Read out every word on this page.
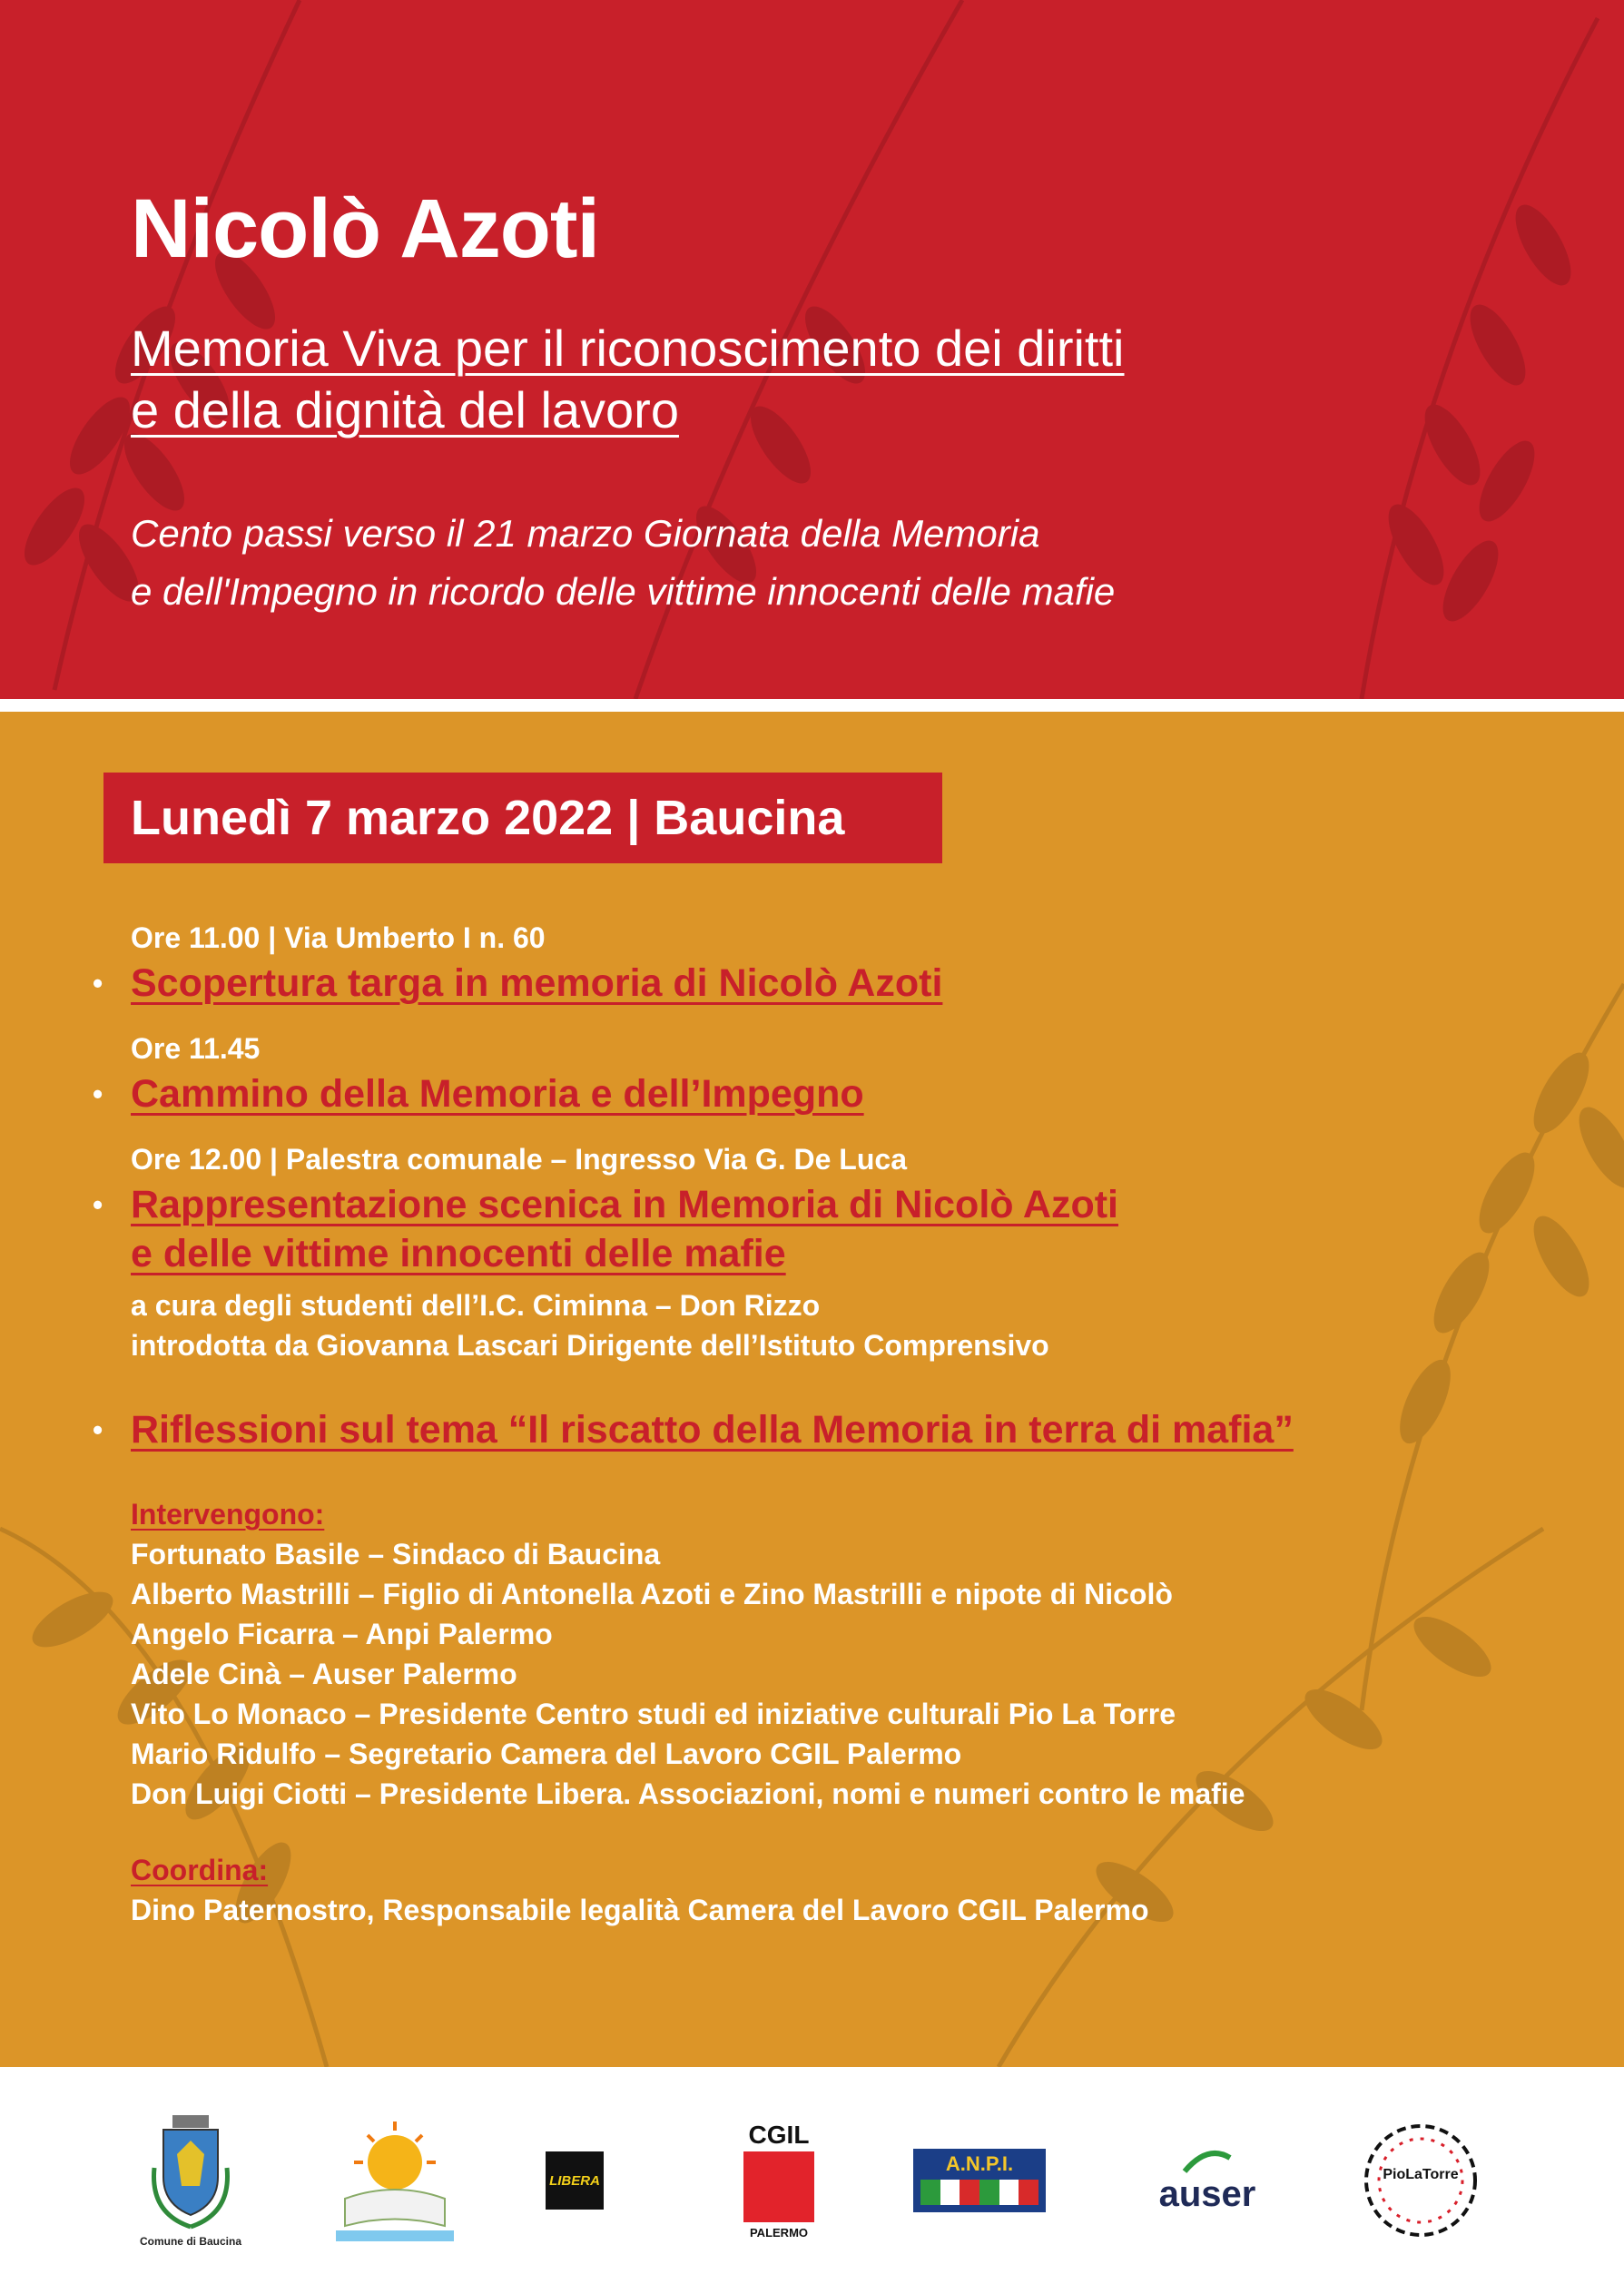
Nicolò Azoti
Memoria Viva per il riconoscimento dei diritti
e della dignità del lavoro
Cento passi verso il 21 marzo Giornata della Memoria
e dell'Impegno in ricordo delle vittime innocenti delle mafie
Lunedì 7 marzo 2022 | Baucina
Ore 11.00 | Via Umberto I n. 60
• Scopertura targa in memoria di Nicolò Azoti
Ore 11.45
• Cammino della Memoria e dell’Impegno
Ore 12.00 | Palestra comunale – Ingresso Via G. De Luca
• Rappresentazione scenica in Memoria di Nicolò Azoti
e delle vittime innocenti delle mafie
a cura degli studenti dell’I.C. Ciminna – Don Rizzo
introdotta da Giovanna Lascari Dirigente dell’Istituto Comprensivo
• Riflessioni sul tema “Il riscatto della Memoria in terra di mafia”
Intervengono:
Fortunato Basile – Sindaco di Baucina
Alberto Mastrilli – Figlio di Antonella Azoti e Zino Mastrilli e nipote di Nicolò
Angelo Ficarra – Anpi Palermo
Adele Cinà – Auser Palermo
Vito Lo Monaco – Presidente Centro studi ed iniziative culturali Pio La Torre
Mario Ridulfo – Segretario Camera del Lavoro CGIL Palermo
Don Luigi Ciotti – Presidente Libera. Associazioni, nomi e numeri contro le mafie
Coordina:
Dino Paternostro, Responsabile legalità Camera del Lavoro CGIL Palermo
Comune di Baucina
LIBERA
CGIL
PALERMO
A.N.P.I.
auser	PioLaTorre
